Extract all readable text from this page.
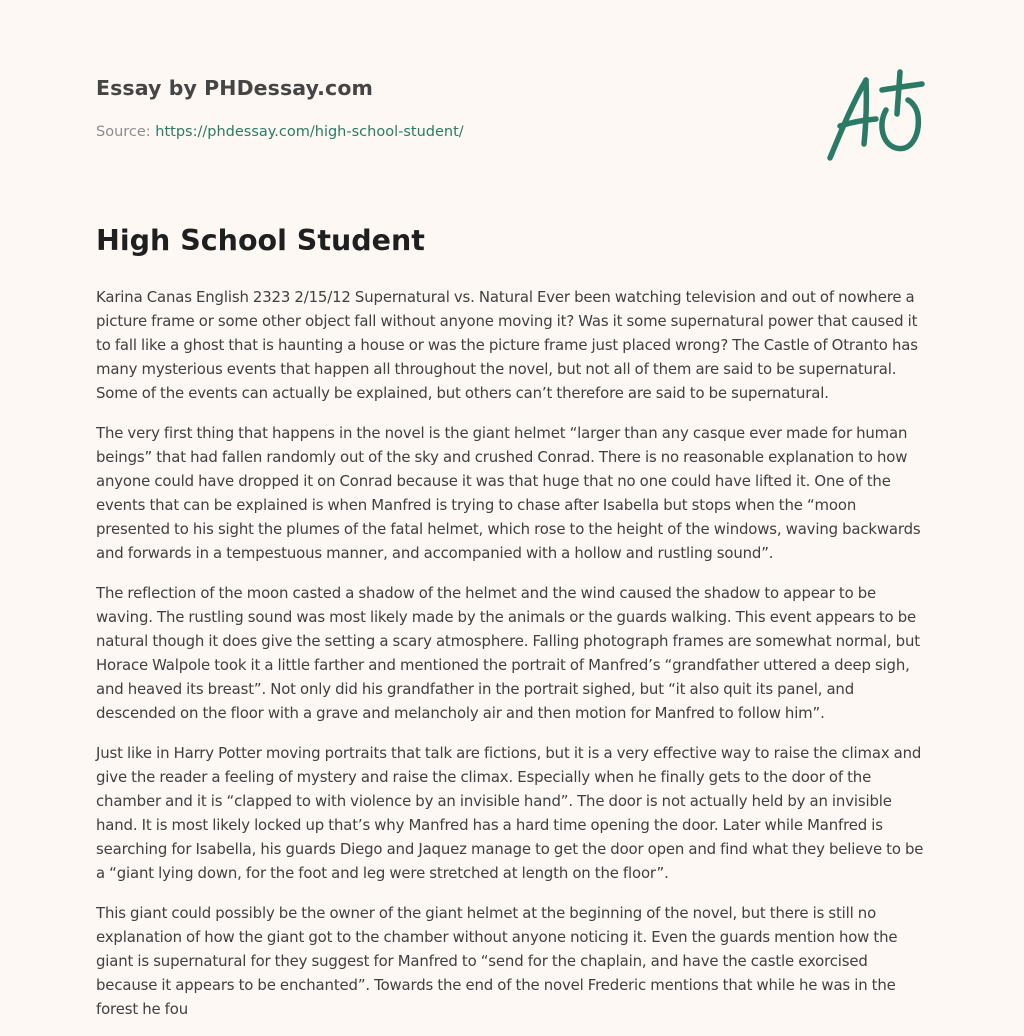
Essay by PHDessay.com
Source: https://phdessay.com/high-school-student/
High School Student

Karina Canas English 2323 2/15/12 Supernatural vs. Natural Ever been watching television and out of nowhere a picture frame or some other object fall without anyone moving it? Was it some supernatural power that caused it to fall like a ghost that is haunting a house or was the picture frame just placed wrong? The Castle of Otranto has many mysterious events that happen all throughout the novel, but not all of them are said to be supernatural. Some of the events can actually be explained, but others can’t therefore are said to be supernatural.

The very first thing that happens in the novel is the giant helmet “larger than any casque ever made for human beings” that had fallen randomly out of the sky and crushed Conrad. There is no reasonable explanation to how anyone could have dropped it on Conrad because it was that huge that no one could have lifted it. One of the events that can be explained is when Manfred is trying to chase after Isabella but stops when the “moon presented to his sight the plumes of the fatal helmet, which rose to the height of the windows, waving backwards and forwards in a tempestuous manner, and accompanied with a hollow and rustling sound”.

The reflection of the moon casted a shadow of the helmet and the wind caused the shadow to appear to be waving. The rustling sound was most likely made by the animals or the guards walking. This event appears to be natural though it does give the setting a scary atmosphere. Falling photograph frames are somewhat normal, but Horace Walpole took it a little farther and mentioned the portrait of Manfred’s “grandfather uttered a deep sigh, and heaved its breast”. Not only did his grandfather in the portrait sighed, but “it also quit its panel, and descended on the floor with a grave and melancholy air and then motion for Manfred to follow him”.

Just like in Harry Potter moving portraits that talk are fictions, but it is a very effective way to raise the climax and give the reader a feeling of mystery and raise the climax. Especially when he finally gets to the door of the chamber and it is “clapped to with violence by an invisible hand”. The door is not actually held by an invisible hand. It is most likely locked up that’s why Manfred has a hard time opening the door. Later while Manfred is searching for Isabella, his guards Diego and Jaquez manage to get the door open and find what they believe to be a “giant lying down, for the foot and leg were stretched at length on the floor”.

This giant could possibly be the owner of the giant helmet at the beginning of the novel, but there is still no explanation of how the giant got to the chamber without anyone noticing it. Even the guards mention how the giant is supernatural for they suggest for Manfred to “send for the chaplain, and have the castle exorcised because it appears to be enchanted”. Towards the end of the novel Frederic mentions that while he was in the forest he fou
